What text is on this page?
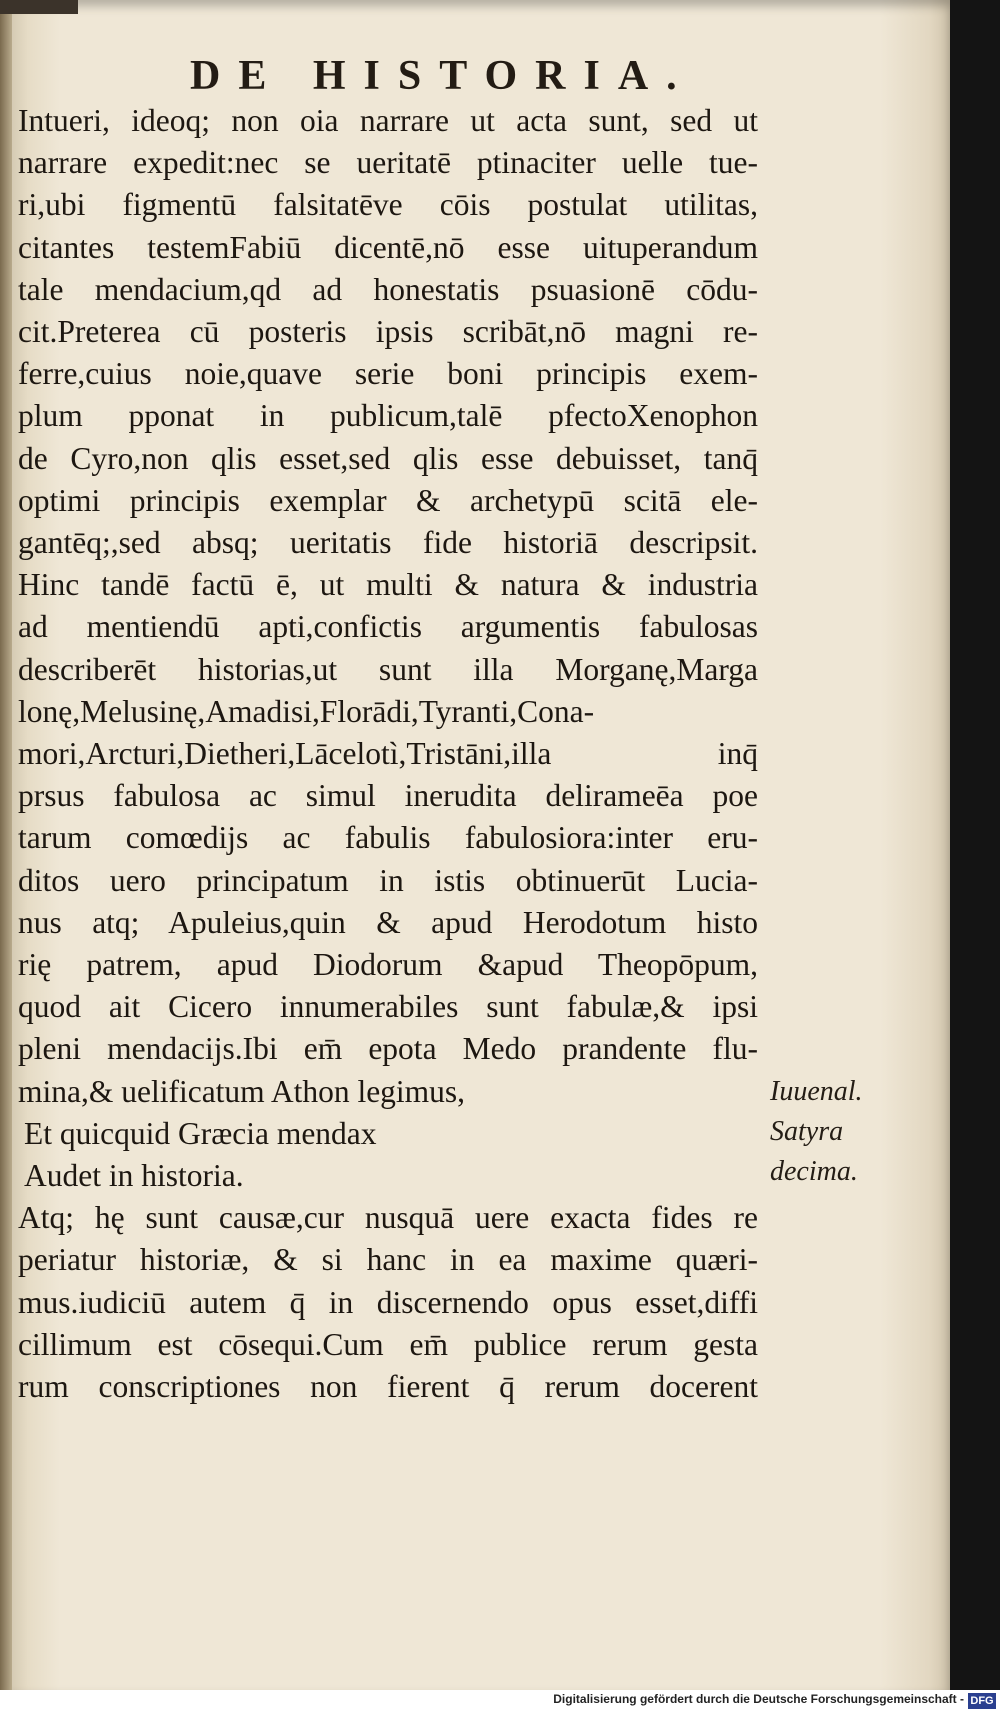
DE HISTORIA.
Intueri, ideoq; non oia narrare ut acta sunt, sed ut
narrare expedit:nec se ueritatē ptinaciter uelle tue-
ri,ubi figmentū falsitatēve cōis postulat utilitas,
citantes testemFabiū dicentē,nō esse uituperandum
tale mendacium,qd ad honestatis psuasionē cōdu-
cit.Preterea cū posteris ipsis scribāt,nō magni re-
ferre,cuius noie,quave serie boni principis exem-
plum pponat in publicum,talē pfectoXenophon
de Cyro,non qlis esset,sed qlis esse debuisset, tanq̄
optimi principis exemplar & archetypū scitā ele-
gantēq;,sed absq; ueritatis fide historiā descripsit.
Hinc tandē factū ē, ut multi & natura & industria
ad mentiendū apti,confictis argumentis fabulosas
describerēt historias,ut sunt illa Morganę,Marga
lonę,Melusinę,Amadisi,Florādi,Tyranti,Cona-
mori,Arcturi,Dietheri,Lācelotì,Tristāni,illa inq̄
prsus fabulosa ac simul inerudita delirameēa poe
tarum comœdijs ac fabulis fabulosiora:inter eru-
ditos uero principatum in istis obtinuerūt Lucia-
nus atq; Apuleius,quin & apud Herodotum histo
rię patrem, apud Diodorum &apud Theopōpum,
quod ait Cicero innumerabiles sunt fabulæ,& ipsi
pleni mendacijs.Ibi em̄ epota Medo prandente flu-
mina,& uelificatum Athon legimus,
Et quicquid Græcia mendax
Audet in historia.
Atq; hę sunt causæ,cur nusquā uere exacta fides re
periatur historiæ, & si hanc in ea maxime quæri-
mus.iudiciū autem q̄ in discernendo opus esset,diffi
cillimum est cōsequi.Cum em̄ publice rerum gesta
rum conscriptiones non fierent q̄ rerum docerent
Iuuenal.
Satyra
decima.
Digitalisierung gefördert durch die Deutsche Forschungsgemeinschaft - DFG
